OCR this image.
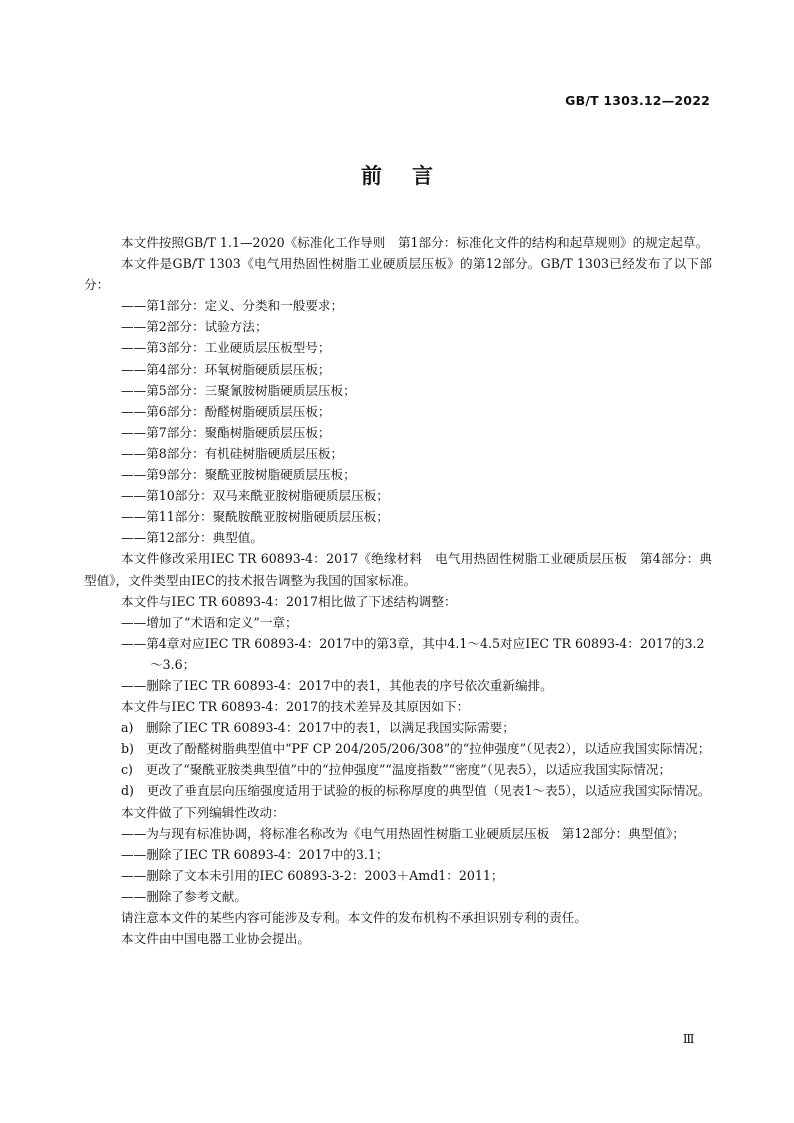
GB/T 1303.12—2022
前言

本文件按照GB/T 1.1—2020《标准化工作导则　第1部分：标准化文件的结构和起草规则》的规定起草。

本文件是GB/T 1303《电气用热固性树脂工业硬质层压板》的第12部分。GB/T 1303已经发布了以下部分：

——第1部分：定义、分类和一般要求；

——第2部分：试验方法；

——第3部分：工业硬质层压板型号；

——第4部分：环氧树脂硬质层压板；

——第5部分：三聚氰胺树脂硬质层压板；

——第6部分：酚醛树脂硬质层压板；

——第7部分：聚酯树脂硬质层压板；

——第8部分：有机硅树脂硬质层压板；

——第9部分：聚酰亚胺树脂硬质层压板；

——第10部分：双马来酰亚胺树脂硬质层压板；

——第11部分：聚酰胺酰亚胺树脂硬质层压板；

——第12部分：典型值。

本文件修改采用IEC TR 60893-4：2017《绝缘材料　电气用热固性树脂工业硬质层压板　第4部分：典型值》，文件类型由IEC的技术报告调整为我国的国家标准。

本文件与IEC TR 60893-4：2017相比做了下述结构调整：

——增加了“术语和定义”一章；

——第4章对应IEC TR 60893-4：2017中的第3章，其中4.1～4.5对应IEC TR 60893-4：2017的3.2～3.6；

——删除了IEC TR 60893-4：2017中的表1，其他表的序号依次重新编排。

本文件与IEC TR 60893-4：2017的技术差异及其原因如下：

a)　删除了IEC TR 60893-4：2017中的表1，以满足我国实际需要；

b)　更改了酚醛树脂典型值中“PF CP 204/205/206/308”的“拉伸强度”（见表2），以适应我国实际情况；

c)　更改了“聚酰亚胺类典型值”中的“拉伸强度”“温度指数”“密度”（见表5），以适应我国实际情况；

d)　更改了垂直层向压缩强度适用于试验的板的标称厚度的典型值（见表1～表5），以适应我国实际情况。

本文件做了下列编辑性改动：

——为与现有标准协调，将标准名称改为《电气用热固性树脂工业硬质层压板　第12部分：典型值》；

——删除了IEC TR 60893-4：2017中的3.1；

——删除了文本未引用的IEC 60893-3-2：2003＋Amd1：2011；

——删除了参考文献。

请注意本文件的某些内容可能涉及专利。本文件的发布机构不承担识别专利的责任。

本文件由中国电器工业协会提出。

Ⅲ
